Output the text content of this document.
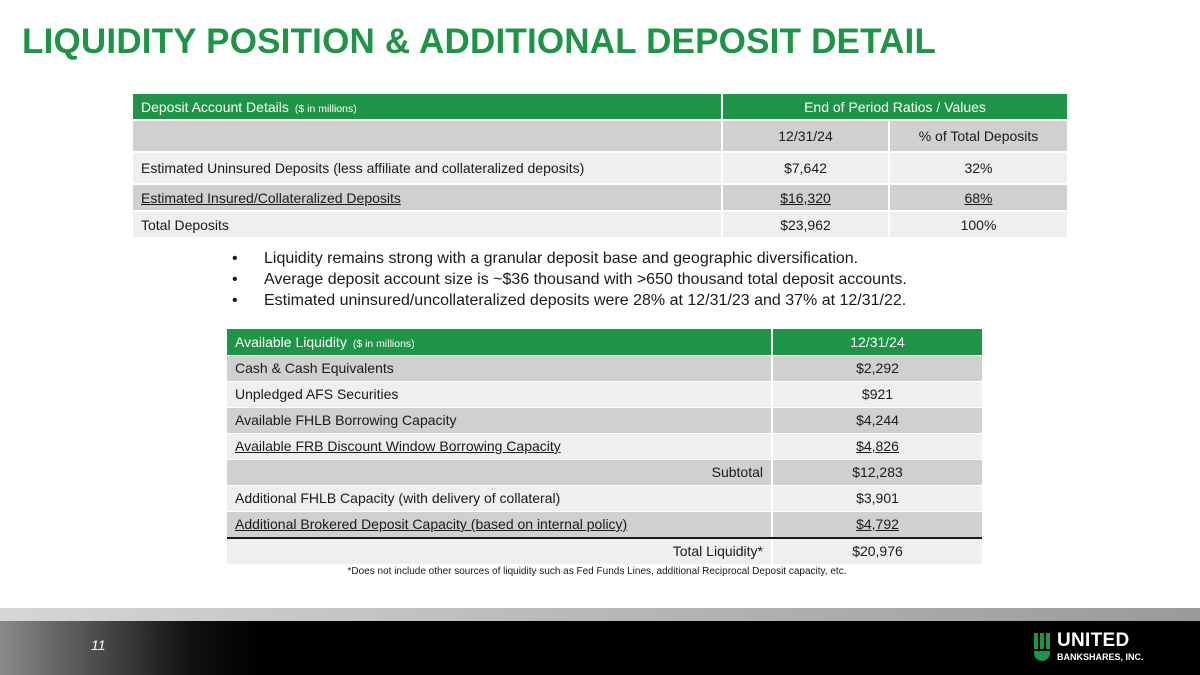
LIQUIDITY POSITION & ADDITIONAL DEPOSIT DETAIL
Deposit Account Details ($ in millions)	End of Period Ratios / Values	
	12/31/24	% of Total Deposits
Estimated Uninsured Deposits (less affiliate and collateralized deposits)	$7,642	32%
Estimated Insured/Collateralized Deposits	$16,320	68%
Total Deposits	$23,962	100%
• Liquidity remains strong with a granular deposit base and geographic diversification.
• Average deposit account size is ~$36 thousand with >650 thousand total deposit accounts.
• Estimated uninsured/uncollateralized deposits were 28% at 12/31/23 and 37% at 12/31/22.
Available Liquidity ($ in millions)	12/31/24
Cash & Cash Equivalents	$2,292
Unpledged AFS Securities	$921
Available FHLB Borrowing Capacity	$4,244
Available FRB Discount Window Borrowing Capacity	$4,826
Subtotal	$12,283
Additional FHLB Capacity (with delivery of collateral)	$3,901
Additional Brokered Deposit Capacity (based on internal policy)	$4,792
Total Liquidity*	$20,976
*Does not include other sources of liquidity such as Fed Funds Lines, additional Reciprocal Deposit capacity, etc.
11	UNITED
BANKSHARES, INC.
